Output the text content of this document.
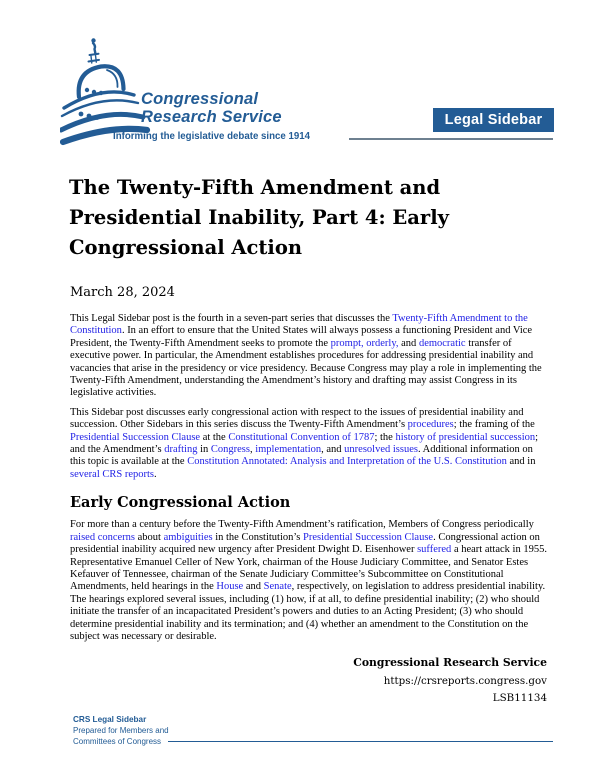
Congressional
Research Service
Informing the legislative debate since 1914
Legal Sidebar
The Twenty-Fifth Amendment and Presidential Inability, Part 4: Early Congressional Action
March 28, 2024

This Legal Sidebar post is the fourth in a seven-part series that discusses the Twenty-Fifth Amendment to the Constitution. In an effort to ensure that the United States will always possess a functioning President and Vice President, the Twenty-Fifth Amendment seeks to promote the prompt, orderly, and democratic transfer of executive power. In particular, the Amendment establishes procedures for addressing presidential inability and vacancies that arise in the presidency or vice presidency. Because Congress may play a role in implementing the Twenty-Fifth Amendment, understanding the Amendment’s history and drafting may assist Congress in its legislative activities.

This Sidebar post discusses early congressional action with respect to the issues of presidential inability and succession. Other Sidebars in this series discuss the Twenty-Fifth Amendment’s procedures; the framing of the Presidential Succession Clause at the Constitutional Convention of 1787; the history of presidential succession; and the Amendment’s drafting in Congress, implementation, and unresolved issues. Additional information on this topic is available at the Constitution Annotated: Analysis and Interpretation of the U.S. Constitution and in several CRS reports.

Early Congressional Action

For more than a century before the Twenty-Fifth Amendment’s ratification, Members of Congress periodically raised concerns about ambiguities in the Constitution’s Presidential Succession Clause. Congressional action on presidential inability acquired new urgency after President Dwight D. Eisenhower suffered a heart attack in 1955. Representative Emanuel Celler of New York, chairman of the House Judiciary Committee, and Senator Estes Kefauver of Tennessee, chairman of the Senate Judiciary Committee’s Subcommittee on Constitutional Amendments, held hearings in the House and Senate, respectively, on legislation to address presidential inability. The hearings explored several issues, including (1) how, if at all, to define presidential inability; (2) who should initiate the transfer of an incapacitated President’s powers and duties to an Acting President; (3) who should determine presidential inability and its termination; and (4) whether an amendment to the Constitution on the subject was necessary or desirable.

Congressional Research Service
https://crsreports.congress.gov
LSB11134
CRS Legal Sidebar
Prepared for Members and
Committees of Congress
